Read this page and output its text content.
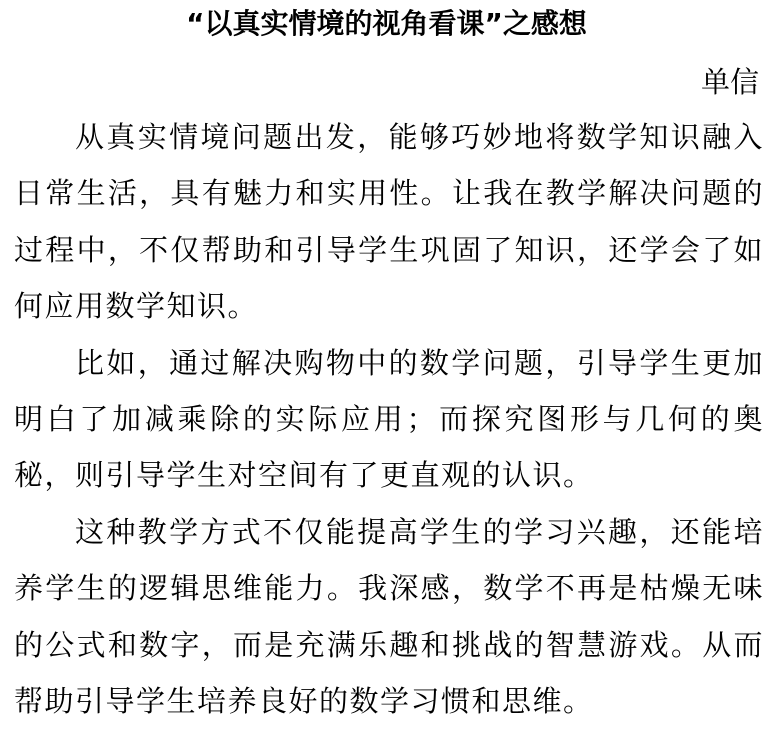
“以真实情境的视角看课”之感想
单信

从真实情境问题出发，能够巧妙地将数学知识融入日常生活，具有魅力和实用性。让我在教学解决问题的过程中，不仅帮助和引导学生巩固了知识，还学会了如何应用数学知识。

比如，通过解决购物中的数学问题，引导学生更加明白了加减乘除的实际应用；而探究图形与几何的奥秘，则引导学生对空间有了更直观的认识。

这种教学方式不仅能提高学生的学习兴趣，还能培养学生的逻辑思维能力。我深感，数学不再是枯燥无味的公式和数字，而是充满乐趣和挑战的智慧游戏。从而帮助引导学生培养良好的数学习惯和思维。
